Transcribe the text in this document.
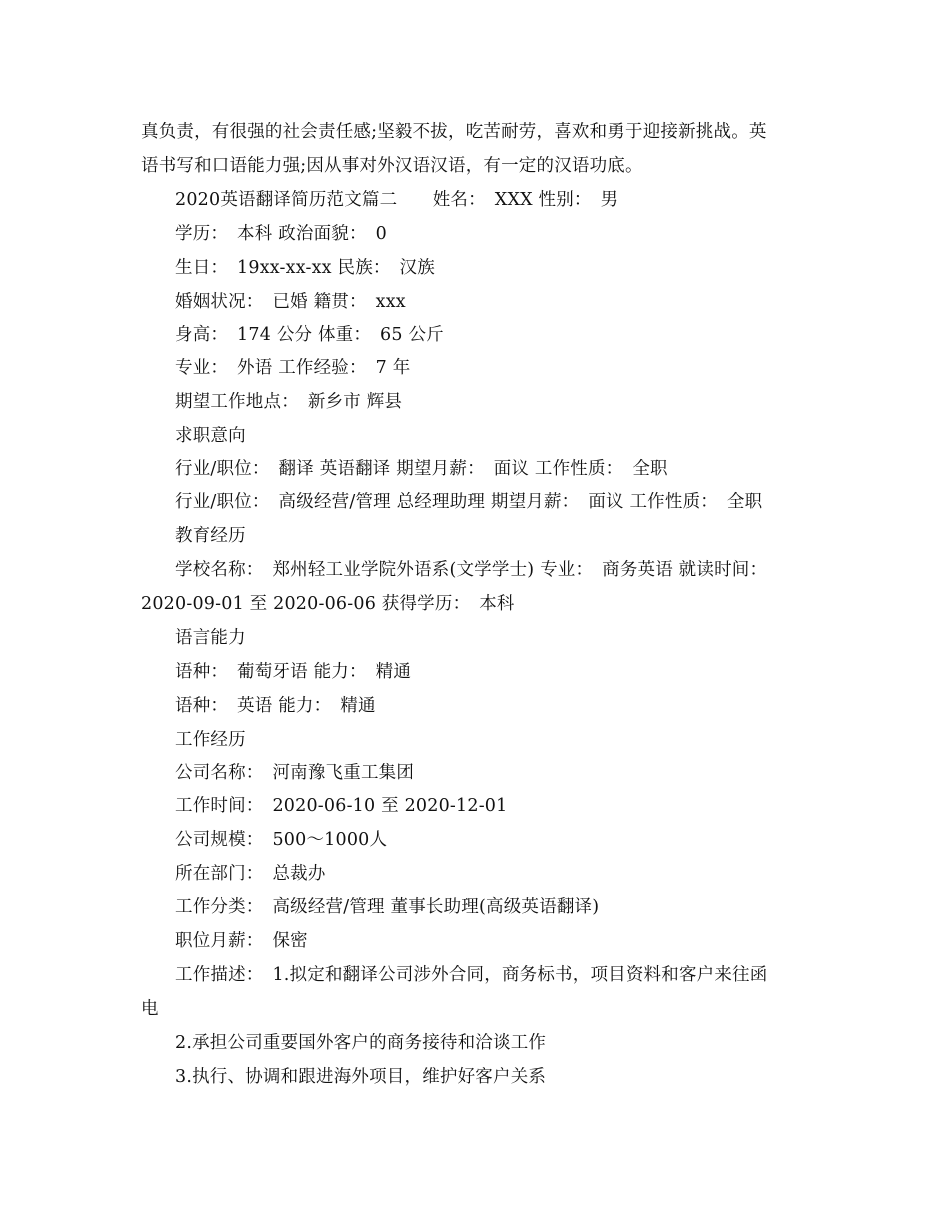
真负责，有很强的社会责任感;坚毅不拔，吃苦耐劳，喜欢和勇于迎接新挑战。英
语书写和口语能力强;因从事对外汉语汉语，有一定的汉语功底。
2020英语翻译简历范文篇二　　姓名：　XXX 性别：　男
学历：　本科 政治面貌：　0
生日：　19xx-xx-xx 民族：　汉族
婚姻状况：　已婚 籍贯：　xxx
身高：　174 公分 体重：　65 公斤
专业：　外语 工作经验：　7 年
期望工作地点：　新乡市 辉县
求职意向
行业/职位：　翻译 英语翻译 期望月薪：　面议 工作性质：　全职
行业/职位：　高级经营/管理 总经理助理 期望月薪：　面议 工作性质：　全职
教育经历
学校名称：　郑州轻工业学院外语系(文学学士) 专业：　商务英语 就读时间：
2020-09-01 至 2020-06-06 获得学历：　本科
语言能力
语种：　葡萄牙语 能力：　精通
语种：　英语 能力：　精通
工作经历
公司名称：　河南豫飞重工集团
工作时间：　2020-06-10 至 2020-12-01
公司规模：　500～1000人
所在部门：　总裁办
工作分类：　高级经营/管理 董事长助理(高级英语翻译)
职位月薪：　保密
工作描述：　1.拟定和翻译公司涉外合同，商务标书，项目资料和客户来往函
电
2.承担公司重要国外客户的商务接待和洽谈工作
3.执行、协调和跟进海外项目，维护好客户关系
